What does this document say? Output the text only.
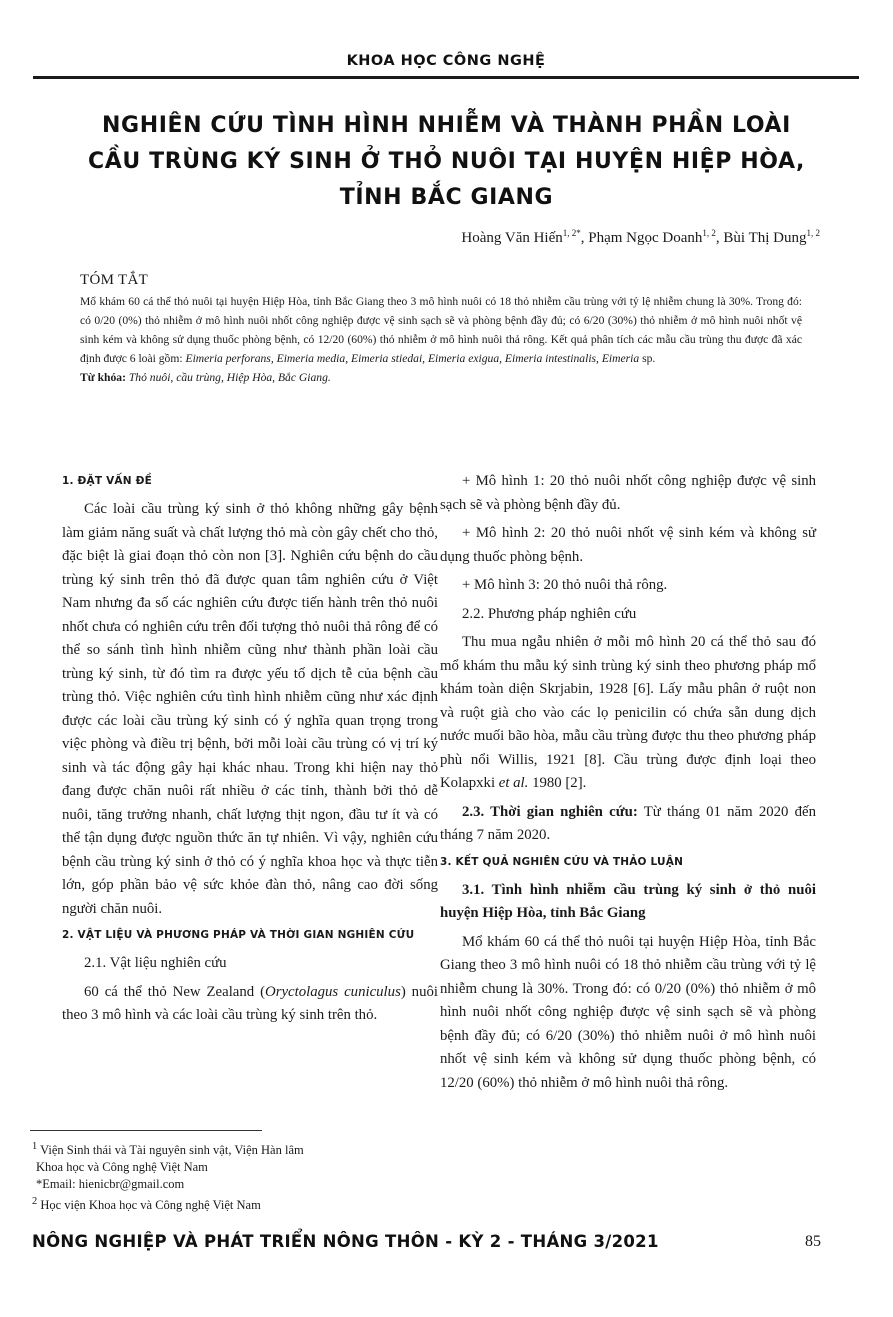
KHOA HỌC CÔNG NGHỆ
NGHIÊN CỨU TÌNH HÌNH NHIỄM VÀ THÀNH PHẦN LOÀI
CẦU TRÙNG KÝ SINH Ở THỎ NUÔI TẠI HUYỆN HIỆP HÒA,
TỈNH BẮC GIANG
Hoàng Văn Hiến$^{1, 2*}$, Phạm Ngọc Doanh$^{1, 2}$, Bùi Thị Dung$^{1, 2}$
TÓM TẮT

Mổ khám 60 cá thể thỏ nuôi tại huyện Hiệp Hòa, tỉnh Bắc Giang theo 3 mô hình nuôi có 18 thỏ nhiễm cầu trùng với tỷ lệ nhiễm chung là 30%. Trong đó: có 0/20 (0%) thỏ nhiễm ở mô hình nuôi nhốt công nghiệp được vệ sinh sạch sẽ và phòng bệnh đầy đủ; có 6/20 (30%) thỏ nhiễm ở mô hình nuôi nhốt vệ sinh kém và không sử dụng thuốc phòng bệnh, có 12/20 (60%) thỏ nhiễm ở mô hình nuôi thả rông. Kết quả phân tích các mẫu cầu trùng thu được đã xác định được 6 loài gồm: Eimeria perforans, Eimeria media, Eimeria stiedai, Eimeria exigua, Eimeria intestinalis, Eimeria sp.

Từ khóa: Thỏ nuôi, cầu trùng, Hiệp Hòa, Bắc Giang.

1. ĐẶT VẤN ĐỀ

Các loài cầu trùng ký sinh ở thỏ không những gây bệnh làm giảm năng suất và chất lượng thỏ mà còn gây chết cho thỏ, đặc biệt là giai đoạn thỏ còn non [3]. Nghiên cứu bệnh do cầu trùng ký sinh trên thỏ đã được quan tâm nghiên cứu ở Việt Nam nhưng đa số các nghiên cứu được tiến hành trên thỏ nuôi nhốt chưa có nghiên cứu trên đối tượng thỏ nuôi thả rông để có thể so sánh tình hình nhiễm cũng như thành phần loài cầu trùng ký sinh, từ đó tìm ra được yếu tố dịch tễ của bệnh cầu trùng thỏ. Việc nghiên cứu tình hình nhiễm cũng như xác định được các loài cầu trùng ký sinh có ý nghĩa quan trọng trong việc phòng và điều trị bệnh, bởi mỗi loài cầu trùng có vị trí ký sinh và tác động gây hại khác nhau. Trong khi hiện nay thỏ đang được chăn nuôi rất nhiều ở các tỉnh, thành bởi thỏ dễ nuôi, tăng trưởng nhanh, chất lượng thịt ngon, đầu tư ít và có thể tận dụng được nguồn thức ăn tự nhiên. Vì vậy, nghiên cứu bệnh cầu trùng ký sinh ở thỏ có ý nghĩa khoa học và thực tiễn lớn, góp phần bảo vệ sức khỏe đàn thỏ, nâng cao đời sống người chăn nuôi.

2. VẬT LIỆU VÀ PHƯƠNG PHÁP VÀ THỜI GIAN NGHIÊN CỨU

2.1. Vật liệu nghiên cứu

60 cá thể thỏ New Zealand (Oryctolagus cuniculus) nuôi theo 3 mô hình và các loài cầu trùng ký sinh trên thỏ.

+ Mô hình 1: 20 thỏ nuôi nhốt công nghiệp được vệ sinh sạch sẽ và phòng bệnh đầy đủ.

+ Mô hình 2: 20 thỏ nuôi nhốt vệ sinh kém và không sử dụng thuốc phòng bệnh.

+ Mô hình 3: 20 thỏ nuôi thả rông.

2.2. Phương pháp nghiên cứu

Thu mua ngẫu nhiên ở mỗi mô hình 20 cá thể thỏ sau đó mổ khám thu mẫu ký sinh trùng ký sinh theo phương pháp mổ khám toàn diện Skrjabin, 1928 [6]. Lấy mẫu phân ở ruột non và ruột già cho vào các lọ penicilin có chứa sẵn dung dịch nước muối bão hòa, mẫu cầu trùng được thu theo phương pháp phù nổi Willis, 1921 [8]. Cầu trùng được định loại theo Kolapxki et al. 1980 [2].

2.3. Thời gian nghiên cứu: Từ tháng 01 năm 2020 đến tháng 7 năm 2020.

3. KẾT QUẢ NGHIÊN CỨU VÀ THẢO LUẬN

3.1. Tình hình nhiễm cầu trùng ký sinh ở thỏ nuôi huyện Hiệp Hòa, tỉnh Bắc Giang

Mổ khám 60 cá thể thỏ nuôi tại huyện Hiệp Hòa, tỉnh Bắc Giang theo 3 mô hình nuôi có 18 thỏ nhiễm cầu trùng với tỷ lệ nhiễm chung là 30%. Trong đó: có 0/20 (0%) thỏ nhiễm ở mô hình nuôi nhốt công nghiệp được vệ sinh sạch sẽ và phòng bệnh đầy đủ; có 6/20 (30%) thỏ nhiễm nuôi ở mô hình nuôi nhốt vệ sinh kém và không sử dụng thuốc phòng bệnh, có 12/20 (60%) thỏ nhiễm ở mô hình nuôi thả rông.

$^1$ Viện Sinh thái và Tài nguyên sinh vật, Viện Hàn lâm
Khoa học và Công nghệ Việt Nam
*Email: hienicbr@gmail.com
$^2$ Học viện Khoa học và Công nghệ Việt Nam
NÔNG NGHIỆP VÀ PHÁT TRIỂN NÔNG THÔN - KỲ 2 - THÁNG 3/2021	85
